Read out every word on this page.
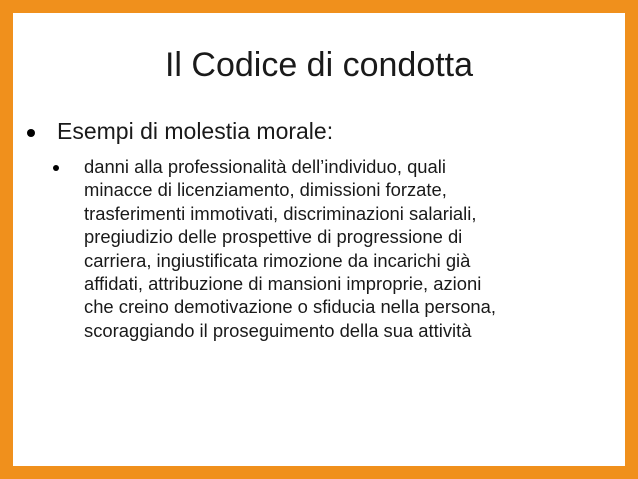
Il Codice di condotta
Esempi di molestia morale:
danni alla professionalità dell’individuo, quali
minacce di licenziamento, dimissioni forzate,
trasferimenti immotivati, discriminazioni salariali,
pregiudizio delle prospettive di progressione di
carriera, ingiustificata rimozione da incarichi già
affidati, attribuzione di mansioni improprie, azioni
che creino demotivazione o sfiducia nella persona,
scoraggiando il proseguimento della sua attività
